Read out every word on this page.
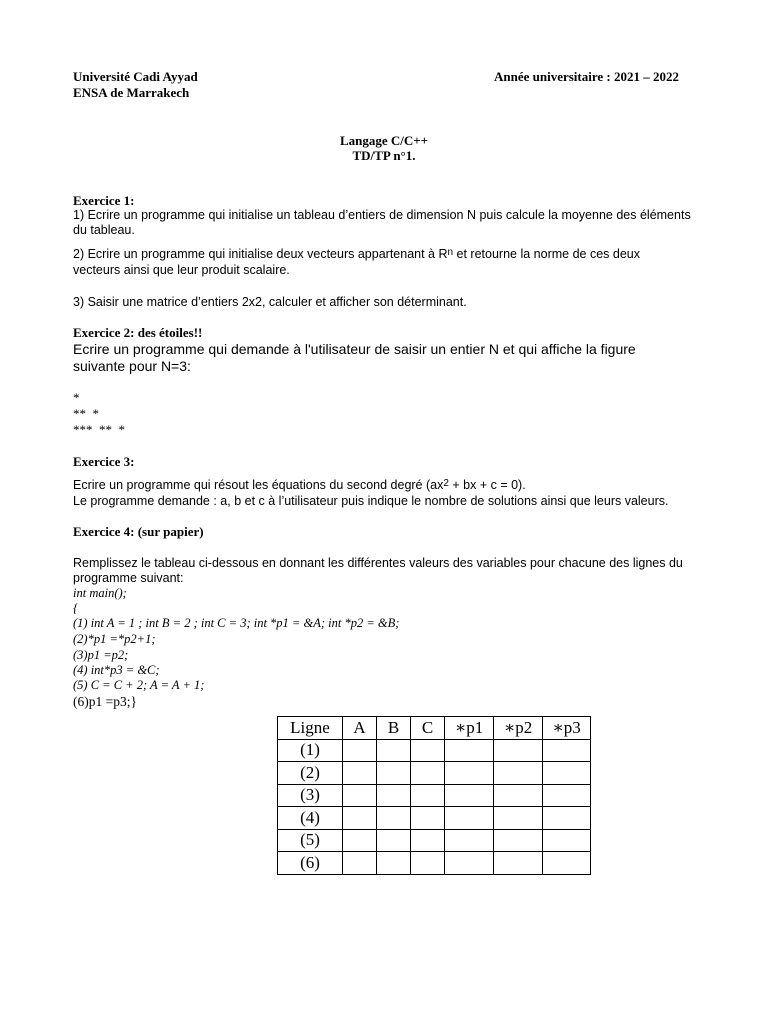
Université Cadi Ayyad
ENSA de Marrakech
Année universitaire : 2021 – 2022
Langage C/C++
TD/TP n°1.
Exercice 1:
1) Ecrire un programme qui initialise un tableau d’entiers de dimension N puis calcule la moyenne des éléments du tableau.
2) Ecrire un programme qui initialise deux vecteurs appartenant à $R^n$ et retourne la norme de ces deux
vecteurs ainsi que leur produit scalaire.
3) Saisir une matrice d’entiers 2x2, calculer et afficher son déterminant.
Exercice 2: des étoiles!!
Ecrire un programme qui demande à l'utilisateur de saisir un entier N et qui affiche la figure
suivante pour N=3:
*
**  *
***  **  *
Exercice 3:
Ecrire un programme qui résout les équations du second degré ($ax^2$ + bx + c = 0).
Le programme demande : a, b et c à l’utilisateur puis indique le nombre de solutions ainsi que leurs valeurs.
Exercice 4: (sur papier)
Remplissez le tableau ci-dessous en donnant les différentes valeurs des variables pour chacune des lignes du
programme suivant:
int main();
{
(1) int A = 1 ; int B = 2 ; int C = 3; int *p1 = &A; int *p2 = &B;
(2)*p1 =*p2+1;
(3)p1 =p2;
(4) int*p3 = &C;
(5) C = C + 2; A = A + 1;
(6)p1 =p3;}
Ligne	A	B	C	∗p1	∗p2	∗p3
(1)						
(2)						
(3)						
(4)						
(5)						
(6)						
